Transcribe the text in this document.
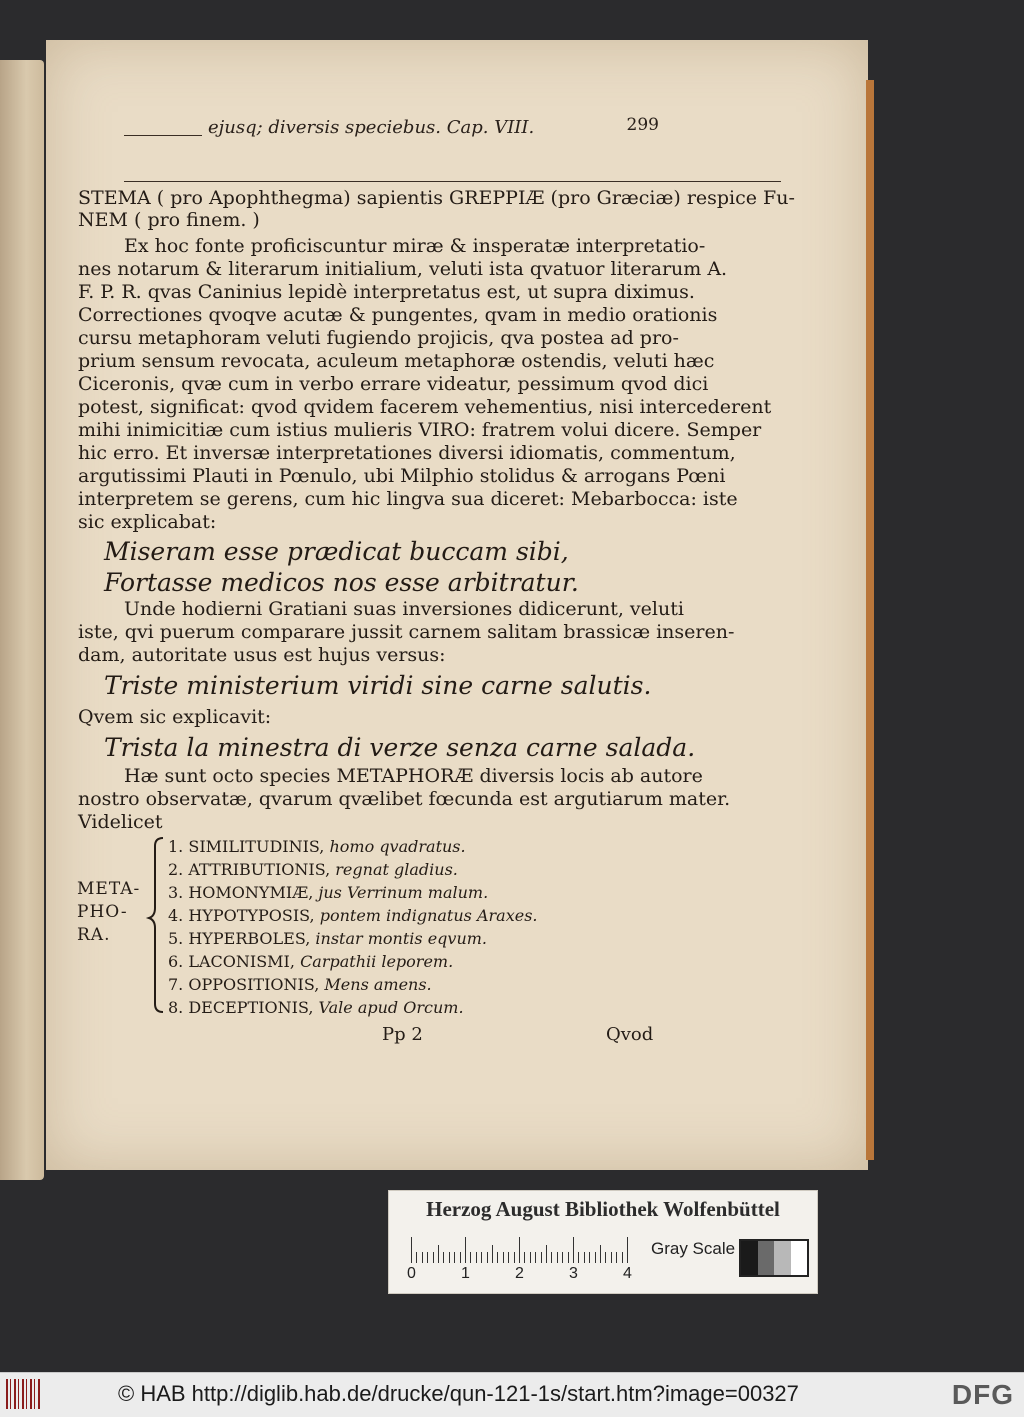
ejusq; diversis speciebus. Cap. VIII.	299
STEMA ( pro Apophthegma) sapientis GREPPIÆ (pro Græciæ) respice Fu-
NEM ( pro finem. )
Ex hoc fonte proficiscuntur miræ & insperatæ interpretatio-
nes notarum & literarum initialium, veluti ista qvatuor literarum A.
F. P. R. qvas Caninius lepidè interpretatus est, ut supra diximus.
Correctiones qvoqve acutæ & pungentes, qvam in medio orationis
cursu metaphoram veluti fugiendo projicis, qva postea ad pro-
prium sensum revocata, aculeum metaphoræ ostendis, veluti hæc
Ciceronis, qvæ cum in verbo errare videatur, pessimum qvod dici
potest, significat: qvod qvidem facerem vehementius, nisi intercederent
mihi inimicitiæ cum istius mulieris VIRO: fratrem volui dicere. Semper
hic erro. Et inversæ interpretationes diversi idiomatis, commentum,
argutissimi Plauti in Pœnulo, ubi Milphio stolidus & arrogans Pœni
interpretem se gerens, cum hic lingva sua diceret: Mebarbocca: iste
sic explicabat:
Miseram esse prædicat buccam sibi,
Fortasse medicos nos esse arbitratur.
Unde hodierni Gratiani suas inversiones didicerunt, veluti
iste, qvi puerum comparare jussit carnem salitam brassicæ inseren-
dam, autoritate usus est hujus versus:
Triste ministerium viridi sine carne salutis.
Qvem sic explicavit:
Trista la minestra di verze senza carne salada.
Hæ sunt octo species METAPHORÆ diversis locis ab autore
nostro observatæ, qvarum qvælibet fœcunda est argutiarum mater.
Videlicet
META-
PHO-
RA.
1. SIMILITUDINIS, homo qvadratus.
2. ATTRIBUTIONIS, regnat gladius.
3. HOMONYMIÆ, jus Verrinum malum.
4. HYPOTYPOSIS, pontem indignatus Araxes.
5. HYPERBOLES, instar montis eqvum.
6. LACONISMI, Carpathii leporem.
7. OPPOSITIONIS, Mens amens.
8. DECEPTIONIS, Vale apud Orcum.
Pp 2	Qvod
Herzog August Bibliothek Wolfenbüttel
0	1	2	3	4
Gray Scale
© HAB http://diglib.hab.de/drucke/qun-121-1s/start.htm?image=00327	DFG
